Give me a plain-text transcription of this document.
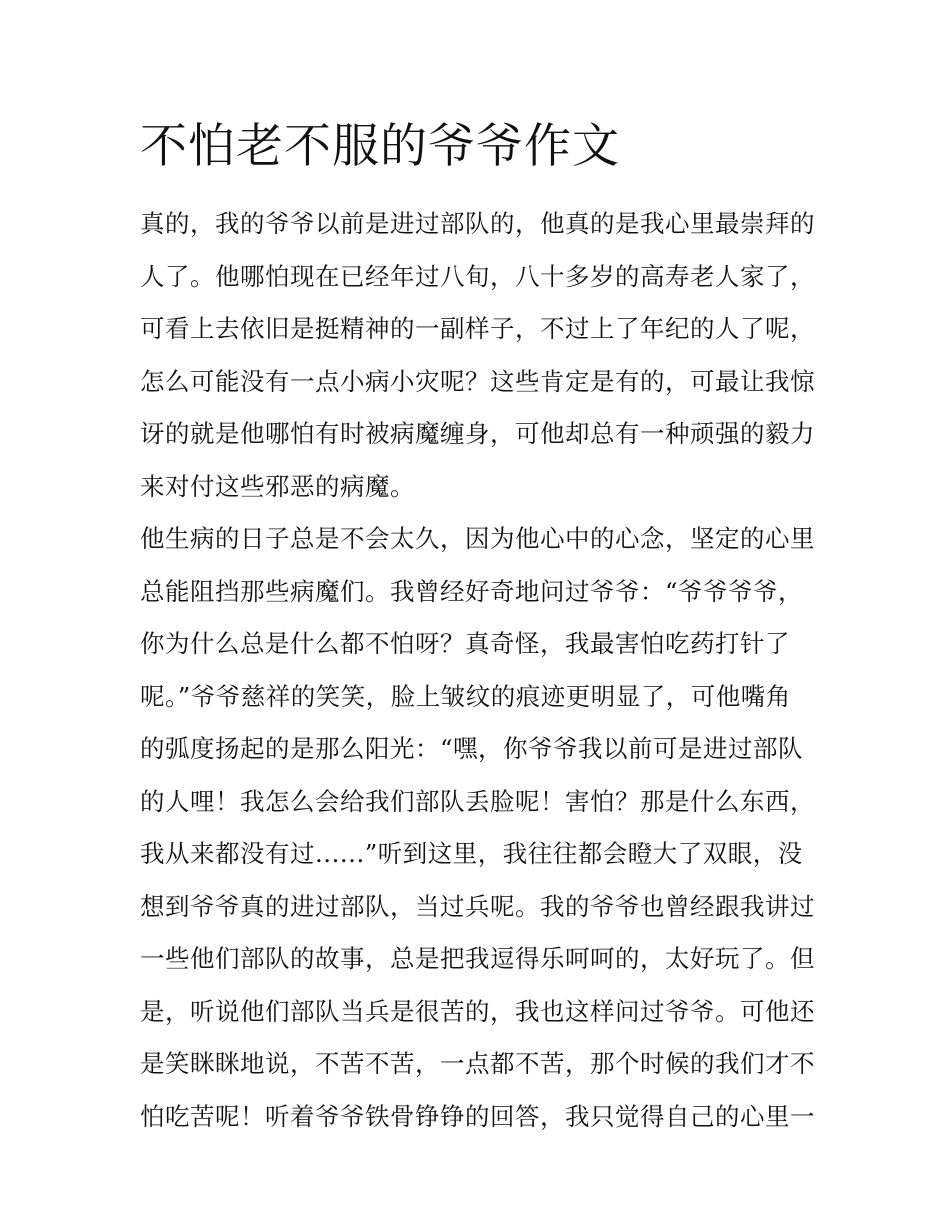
不怕老不服的爷爷作文
真的，我的爷爷以前是进过部队的，他真的是我心里最崇拜的
人了。他哪怕现在已经年过八旬，八十多岁的高寿老人家了，
可看上去依旧是挺精神的一副样子，不过上了年纪的人了呢，
怎么可能没有一点小病小灾呢？这些肯定是有的，可最让我惊
讶的就是他哪怕有时被病魔缠身，可他却总有一种顽强的毅力
来对付这些邪恶的病魔。
他生病的日子总是不会太久，因为他心中的心念，坚定的心里
总能阻挡那些病魔们。我曾经好奇地问过爷爷：“爷爷爷爷，
你为什么总是什么都不怕呀？真奇怪，我最害怕吃药打针了
呢。”爷爷慈祥的笑笑，脸上皱纹的痕迹更明显了，可他嘴角
的弧度扬起的是那么阳光：“嘿，你爷爷我以前可是进过部队
的人哩！我怎么会给我们部队丢脸呢！害怕？那是什么东西，
我从来都没有过......”听到这里，我往往都会瞪大了双眼，没
想到爷爷真的进过部队，当过兵呢。我的爷爷也曾经跟我讲过
一些他们部队的故事，总是把我逗得乐呵呵的，太好玩了。但
是，听说他们部队当兵是很苦的，我也这样问过爷爷。可他还
是笑眯眯地说，不苦不苦，一点都不苦，那个时候的我们才不
怕吃苦呢！听着爷爷铁骨铮铮的回答，我只觉得自己的心里一
